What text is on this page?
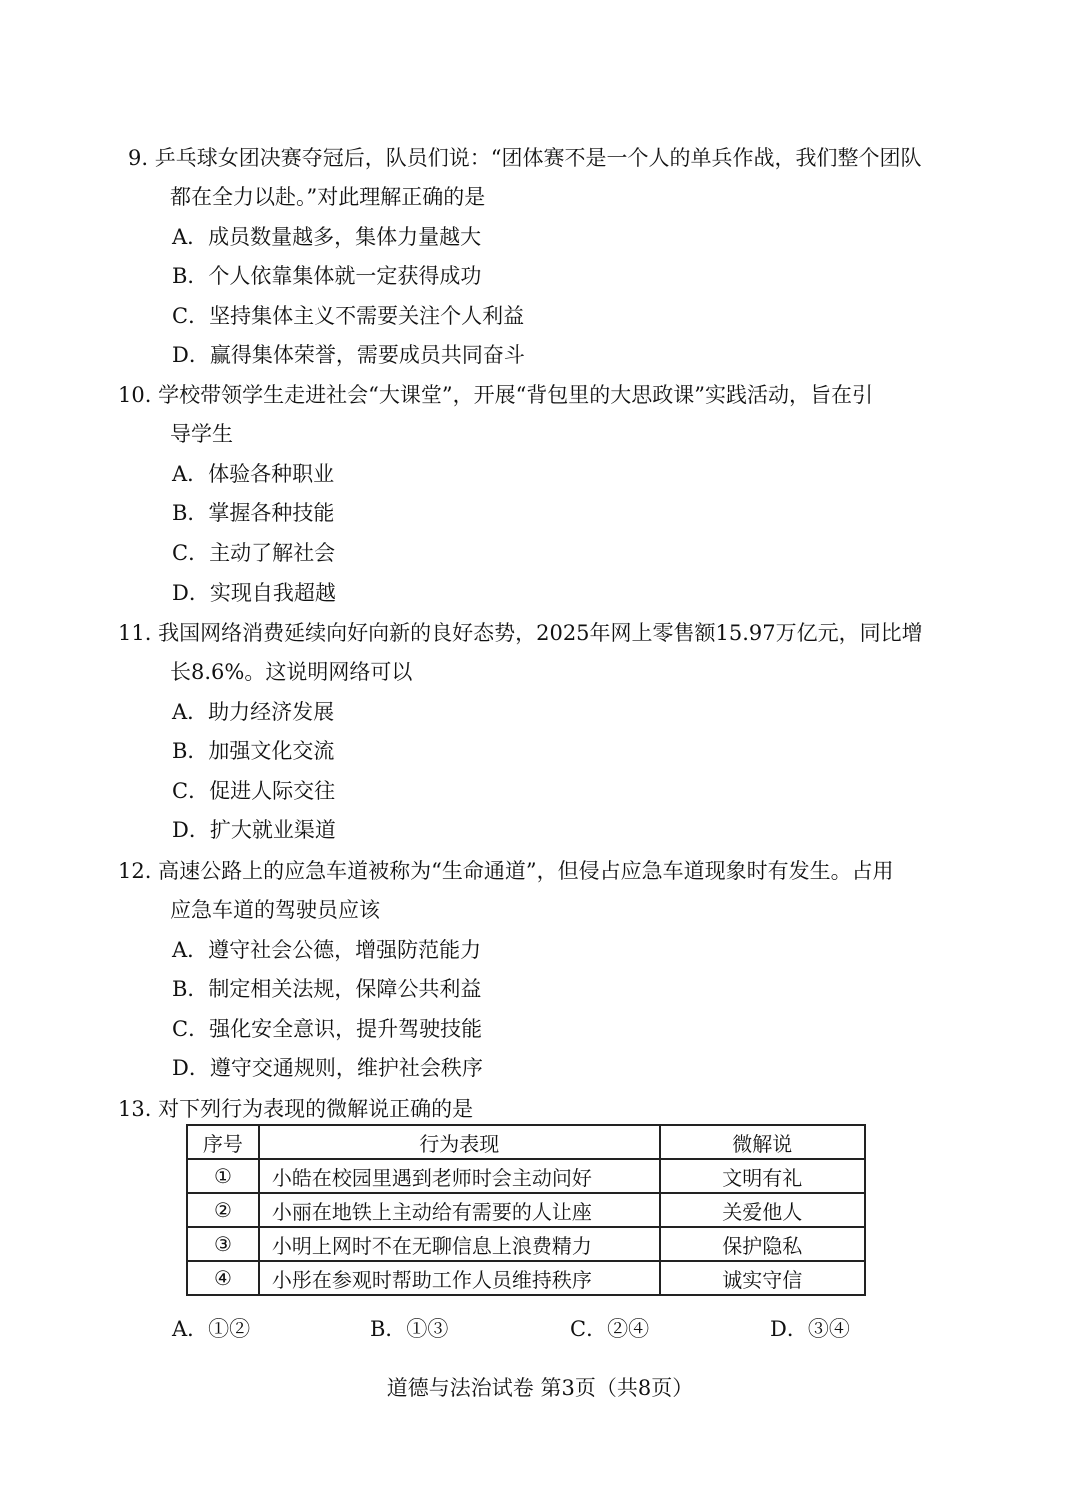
9. 乒乓球女团决赛夺冠后，队员们说：“团体赛不是一个人的单兵作战，我们整个团队
都在全力以赴。”对此理解正确的是
A．成员数量越多，集体力量越大
B．个人依靠集体就一定获得成功
C．坚持集体主义不需要关注个人利益
D．赢得集体荣誉，需要成员共同奋斗
10. 学校带领学生走进社会“大课堂”，开展“背包里的大思政课”实践活动，旨在引
导学生
A．体验各种职业
B．掌握各种技能
C．主动了解社会
D．实现自我超越
11. 我国网络消费延续向好向新的良好态势，2025年网上零售额15.97万亿元，同比增
长8.6%。这说明网络可以
A．助力经济发展
B．加强文化交流
C．促进人际交往
D．扩大就业渠道
12. 高速公路上的应急车道被称为“生命通道”，但侵占应急车道现象时有发生。占用
应急车道的驾驶员应该
A．遵守社会公德，增强防范能力
B．制定相关法规，保障公共利益
C．强化安全意识，提升驾驶技能
D．遵守交通规则，维护社会秩序
13. 对下列行为表现的微解说正确的是
序号	行为表现	微解说
①	小皓在校园里遇到老师时会主动问好	文明有礼
②	小丽在地铁上主动给有需要的人让座	关爱他人
③	小明上网时不在无聊信息上浪费精力	保护隐私
④	小彤在参观时帮助工作人员维持秩序	诚实守信
A．①②	B．①③	C．②④	D．③④
道德与法治试卷 第3页（共8页）
